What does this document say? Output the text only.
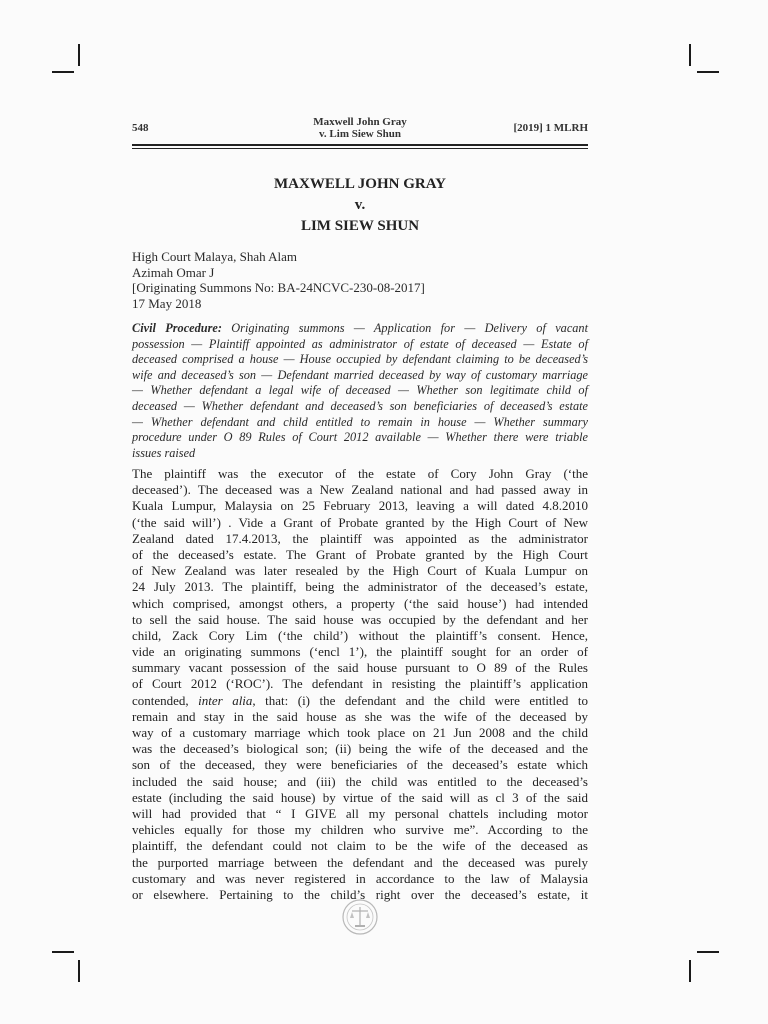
548	Maxwell John Gray
v. Lim Siew Shun	[2019] 1 MLRH
MAXWELL JOHN GRAY
v.
LIM SIEW SHUN
High Court Malaya, Shah Alam
Azimah Omar J
[Originating Summons No: BA-24NCVC-230-08-2017]
17 May 2018
Civil Procedure: Originating summons — Application for — Delivery of vacant
possession — Plaintiff appointed as administrator of estate of deceased — Estate of
deceased comprised a house — House occupied by defendant claiming to be deceased’s
wife and deceased’s son — Defendant married deceased by way of customary marriage
— Whether defendant a legal wife of deceased — Whether son legitimate child of
deceased — Whether defendant and deceased’s son beneficiaries of deceased’s estate
— Whether defendant and child entitled to remain in house — Whether summary
procedure under O 89 Rules of Court 2012 available — Whether there were triable
issues raised
The plaintiff was the executor of the estate of Cory John Gray (‘the
deceased’). The deceased was a New Zealand national and had passed away in
Kuala Lumpur, Malaysia on 25 February 2013, leaving a will dated 4.8.2010
(‘the said will’) . Vide a Grant of Probate granted by the High Court of New
Zealand dated 17.4.2013, the plaintiff was appointed as the administrator
of the deceased’s estate. The Grant of Probate granted by the High Court
of New Zealand was later resealed by the High Court of Kuala Lumpur on
24 July 2013. The plaintiff, being the administrator of the deceased’s estate,
which comprised, amongst others, a property (‘the said house’) had intended
to sell the said house. The said house was occupied by the defendant and her
child, Zack Cory Lim (‘the child’) without the plaintiff’s consent. Hence,
vide an originating summons (‘encl 1’), the plaintiff sought for an order of
summary vacant possession of the said house pursuant to O 89 of the Rules
of Court 2012 (‘ROC’). The defendant in resisting the plaintiff’s application
contended, inter alia, that: (i) the defendant and the child were entitled to
remain and stay in the said house as she was the wife of the deceased by
way of a customary marriage which took place on 21 Jun 2008 and the child
was the deceased’s biological son; (ii) being the wife of the deceased and the
son of the deceased, they were beneficiaries of the deceased’s estate which
included the said house; and (iii) the child was entitled to the deceased’s
estate (including the said house) by virtue of the said will as cl 3 of the said
will had provided that “ I GIVE all my personal chattels including motor
vehicles equally for those my children who survive me”. According to the
plaintiff, the defendant could not claim to be the wife of the deceased as
the purported marriage between the defendant and the deceased was purely
customary and was never registered in accordance to the law of Malaysia
or elsewhere. Pertaining to the child’s right over the deceased’s estate, it
